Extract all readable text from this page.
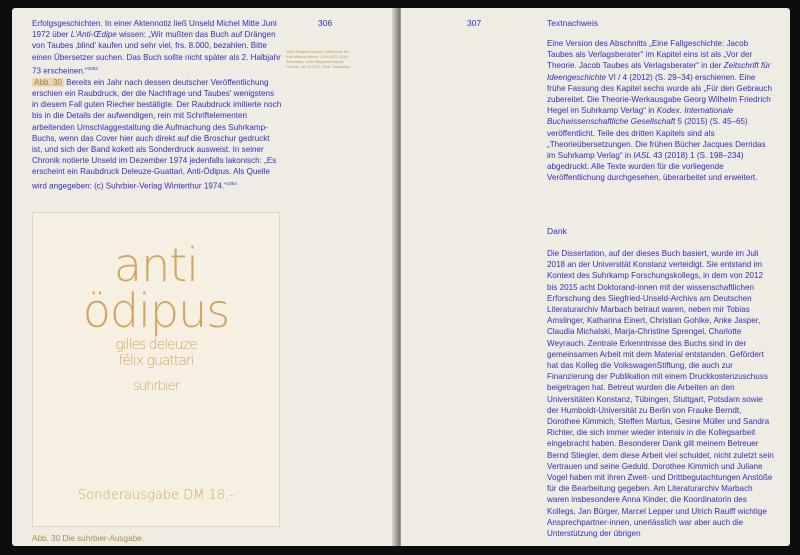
306

Erfolgsgeschichten. In einer Aktennotiz ließ Unseld Michel Mitte Juni 1972 über L'Anti-Œdipe wissen: „Wir mußten das Buch auf Drängen von Taubes ‚blind' kaufen und sehr viel, frs. 8.000, bezahlen. Bitte einen Übersetzer suchen. Das Buch sollte nicht später als 2. Halbjahr 73 erscheinen.“$^{1063}$

Abb. 30 Bereits ein Jahr nach dessen deutscher Veröffentlichung erschien ein Raubdruck, der die Nachfrage und Taubes' wenigstens in diesem Fall guten Riecher bestätigte. Der Raubdruck imitierte noch bis in die Details der aufwendigen, rein mit Schriftelementen arbeitenden Umschlaggestaltung die Aufmachung des Suhrkamp-Buchs, wenn das Cover hier auch direkt auf die Broschur gedruckt ist, und sich der Band kokett als Sonderdruck ausweist. In seiner Chronik notierte Unseld im Dezember 1974 jedenfalls lakonisch: „Es erscheint ein Raubdruck Deleuze-Guattari, Anti-Ödipus. Als Quelle wird angegeben: (c) Suhrbier-Verlag Winterthur 1974.“$^{1064}$

1063 Siegfried Unseld, Aktennotiz für Karl Markus Michel, 14.6.1972, SUA: Suhrkamp. 1064 Siegfried Unseld, Chronik, 18.12.1974, SUA: Suhrkamp.
anti
ödipus
gilles deleuze
félix guattari
suhrbier
Sonderausgabe DM 18,-
Abb. 30 Die suhrbier-Ausgabe.
307	Textnachweis

Eine Version des Abschnitts „Eine Fallgeschichte: Jacob Taubes als Verlagsberater“ im Kapitel eins ist als „Vor der Theorie. Jacob Taubes als Verlagsberater“ in der Zeitschrift für Ideengeschichte VI / 4 (2012) (S. 29–34) erschienen. Eine frühe Fassung des Kapitel sechs wurde als „Für den Gebrauch zubereitet. Die Theorie-Werkausgabe Georg Wilhelm Friedrich Hegel im Suhrkamp Verlag“ in Kodex. Internationale Buchwissenschaftliche Gesellschaft 5 (2015) (S. 45–65) veröffentlicht. Teile des dritten Kapitels sind als „Theorieübersetzungen. Die frühen Bücher Jacques Derridas im Suhrkamp Verlag“ in IASL 43 (2018) 1 (S. 198–234) abgedruckt. Alle Texte wurden für die vorliegende Veröffentlichung durchgesehen, überarbeitet und erweitert.

Dank

Die Dissertation, auf der dieses Buch basiert, wurde im Juli 2018 an der Universität Konstanz verteidigt. Sie entstand im Kontext des Suhrkamp Forschungskollegs, in dem von 2012 bis 2015 acht Doktorand-innen mit der wissenschaftlichen Erforschung des Siegfried-Unseld-Archivs am Deutschen Literaturarchiv Marbach betraut waren, neben mir Tobias Amslinger, Katharina Einert, Christian Gohlke, Anke Jasper, Claudia Michalski, Marja-Christine Sprengel, Charlotte Weyrauch. Zentrale Erkenntnisse des Buchs sind in der gemeinsamen Arbeit mit dem Material entstanden. Gefördert hat das Kolleg die VolkswagenStiftung, die auch zur Finanzierung der Publikation mit einem Druckkostenzuschuss beigetragen hat. Betreut wurden die Arbeiten an den Universitäten Konstanz, Tübingen, Stuttgart, Potsdam sowie der Humboldt-Universität zu Berlin von Frauke Berndt, Dorothee Kimmich, Steffen Martus, Gesine Müller und Sandra Richter, die sich immer wieder intensiv in die Kollegsarbeit eingebracht haben. Besonderer Dank gilt meinem Betreuer Bernd Stiegler, dem diese Arbeit viel schuldet, nicht zuletzt sein Vertrauen und seine Geduld. Dorothee Kimmich und Juliane Vogel haben mit ihren Zweit- und Drittbegutachtungen Anstöße für die Bearbeitung gegeben. Am Literaturarchiv Marbach waren insbesondere Anna Kinder, die Koordinatorin des Kollegs, Jan Bürger, Marcel Lepper und Ulrich Raulff wichtige Ansprechpartner-innen, unerlässlich war aber auch die Unterstützung der übrigen
